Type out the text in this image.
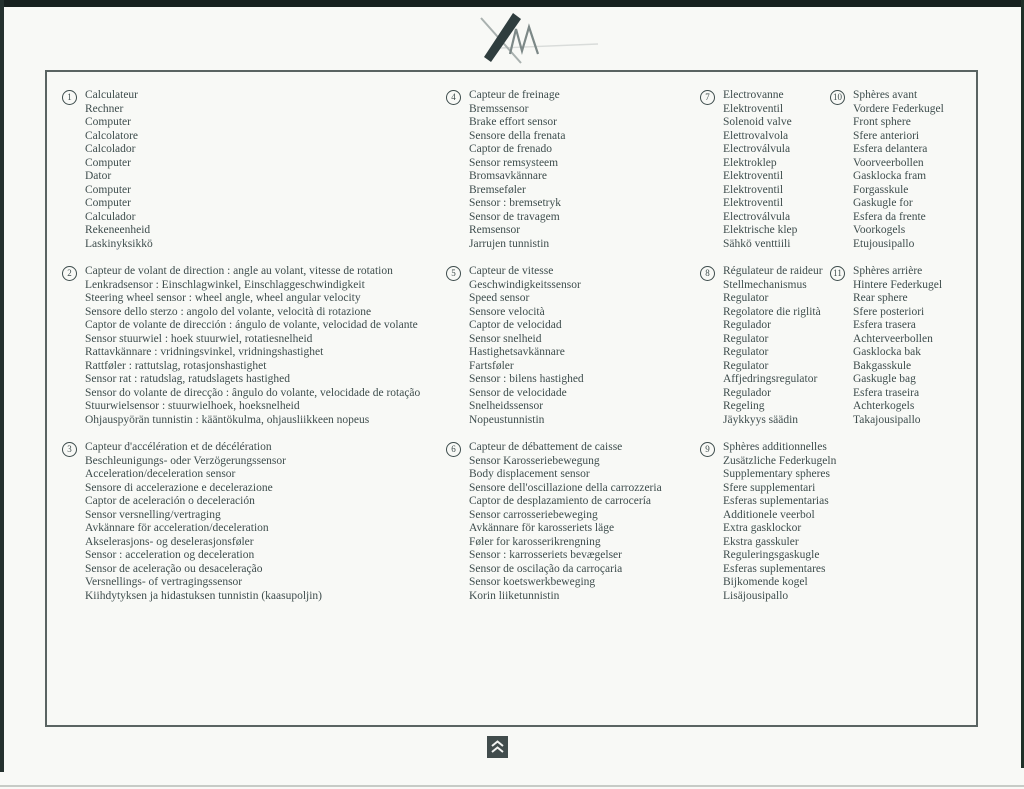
1	Calculateur
Rechner
Computer
Calcolatore
Calcolador
Computer
Dator
Computer
Computer
Calculador
Rekeneenheid
Laskinyksikkö
2	Capteur de volant de direction : angle au volant, vitesse de rotation
Lenkradsensor : Einschlagwinkel, Einschlaggeschwindigkeit
Steering wheel sensor : wheel angle, wheel angular velocity
Sensore dello sterzo : angolo del volante, velocità di rotazione
Captor de volante de dirección : ángulo de volante, velocidad de volante
Sensor stuurwiel : hoek stuurwiel, rotatiesnelheid
Rattavkännare : vridningsvinkel, vridningshastighet
Rattføler : rattutslag, rotasjonshastighet
Sensor rat : ratudslag, ratudslagets hastighed
Sensor do volante de direcção : ângulo do volante, velocidade de rotação
Stuurwielsensor : stuurwielhoek, hoeksnelheid
Ohjauspyörän tunnistin : kääntökulma, ohjausliikkeen nopeus
3	Capteur d'accélération et de décélération
Beschleunigungs- oder Verzögerungssensor
Acceleration/deceleration sensor
Sensore di accelerazione e decelerazione
Captor de aceleración o deceleración
Sensor versnelling/vertraging
Avkännare för acceleration/deceleration
Akselerasjons- og deselerasjonsføler
Sensor : acceleration og deceleration
Sensor de aceleração ou desaceleração
Versnellings- of vertragingssensor
Kiihdytyksen ja hidastuksen tunnistin (kaasupoljin)
4	Capteur de freinage
Bremssensor
Brake effort sensor
Sensore della frenata
Captor de frenado
Sensor remsysteem
Bromsavkännare
Bremseføler
Sensor : bremsetryk
Sensor de travagem
Remsensor
Jarrujen tunnistin
5	Capteur de vitesse
Geschwindigkeitssensor
Speed sensor
Sensore velocità
Captor de velocidad
Sensor snelheid
Hastighetsavkännare
Fartsføler
Sensor : bilens hastighed
Sensor de velocidade
Snelheidssensor
Nopeustunnistin
6	Capteur de débattement de caisse
Sensor Karosseriebewegung
Body displacement sensor
Sensore dell'oscillazione della carrozzeria
Captor de desplazamiento de carrocería
Sensor carrosseriebeweging
Avkännare för karosseriets läge
Føler for karosserikrengning
Sensor : karrosseriets bevægelser
Sensor de oscilação da carroçaria
Sensor koetswerkbeweging
Korin liiketunnistin
7	Electrovanne
Elektroventil
Solenoid valve
Elettrovalvola
Electroválvula
Elektroklep
Elektroventil
Elektroventil
Elektroventil
Electroválvula
Elektrische klep
Sähkö venttiili
8	Régulateur de raideur
Stellmechanismus
Regulator
Regolatore die riglità
Regulador
Regulator
Regulator
Regulator
Affjedringsregulator
Regulador
Regeling
Jäykkyys säädin
9	Sphères additionnelles
Zusätzliche Federkugeln
Supplementary spheres
Sfere supplementari
Esferas suplementarias
Additionele veerbol
Extra gasklockor
Ekstra gasskuler
Reguleringsgaskugle
Esferas suplementares
Bijkomende kogel
Lisäjousipallo
10 Sphères avant
Vordere Federkugel
Front sphere
Sfere anteriori
Esfera delantera
Voorveerbollen
Gasklocka fram
Forgasskule
Gaskugle for
Esfera da frente
Voorkogels
Etujousipallo
11 Sphères arrière
Hintere Federkugel
Rear sphere
Sfere posteriori
Esfera trasera
Achterveerbollen
Gasklocka bak
Bakgasskule
Gaskugle bag
Esfera traseira
Achterkogels
Takajousipallo
